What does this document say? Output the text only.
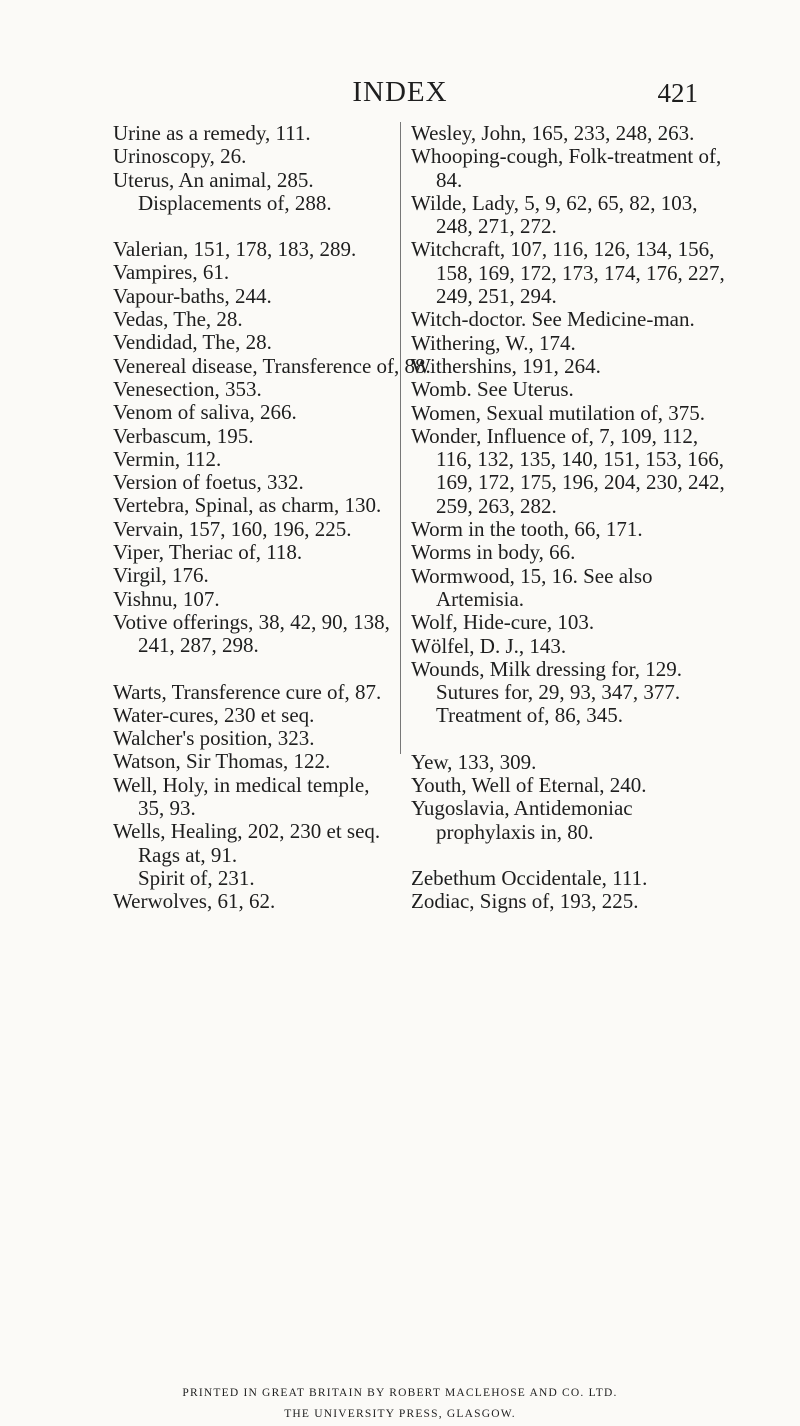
INDEX	421
Urine as a remedy, 111.
Urinoscopy, 26.
Uterus, An animal, 285.
Displacements of, 288.
Valerian, 151, 178, 183, 289.
Vampires, 61.
Vapour-baths, 244.
Vedas, The, 28.
Vendidad, The, 28.
Venereal disease, Transference of, 88.
Venesection, 353.
Venom of saliva, 266.
Verbascum, 195.
Vermin, 112.
Version of foetus, 332.
Vertebra, Spinal, as charm, 130.
Vervain, 157, 160, 196, 225.
Viper, Theriac of, 118.
Virgil, 176.
Vishnu, 107.
Votive offerings, 38, 42, 90, 138, 241, 287, 298.
Warts, Transference cure of, 87.
Water-cures, 230 et seq.
Walcher's position, 323.
Watson, Sir Thomas, 122.
Well, Holy, in medical temple, 35, 93.
Wells, Healing, 202, 230 et seq.
Rags at, 91.
Spirit of, 231.
Werwolves, 61, 62.
Wesley, John, 165, 233, 248, 263.
Whooping-cough, Folk-treatment of, 84.
Wilde, Lady, 5, 9, 62, 65, 82, 103, 248, 271, 272.
Witchcraft, 107, 116, 126, 134, 156, 158, 169, 172, 173, 174, 176, 227, 249, 251, 294.
Witch-doctor. See Medicine-man.
Withering, W., 174.
Withershins, 191, 264.
Womb. See Uterus.
Women, Sexual mutilation of, 375.
Wonder, Influence of, 7, 109, 112, 116, 132, 135, 140, 151, 153, 166, 169, 172, 175, 196, 204, 230, 242, 259, 263, 282.
Worm in the tooth, 66, 171.
Worms in body, 66.
Wormwood, 15, 16. See also Artemisia.
Wolf, Hide-cure, 103.
Wölfel, D. J., 143.
Wounds, Milk dressing for, 129.
Sutures for, 29, 93, 347, 377.
Treatment of, 86, 345.
Yew, 133, 309.
Youth, Well of Eternal, 240.
Yugoslavia, Antidemoniac prophylaxis in, 80.
Zebethum Occidentale, 111.
Zodiac, Signs of, 193, 225.
PRINTED IN GREAT BRITAIN BY ROBERT MACLEHOSE AND CO. LTD.
THE UNIVERSITY PRESS, GLASGOW.
